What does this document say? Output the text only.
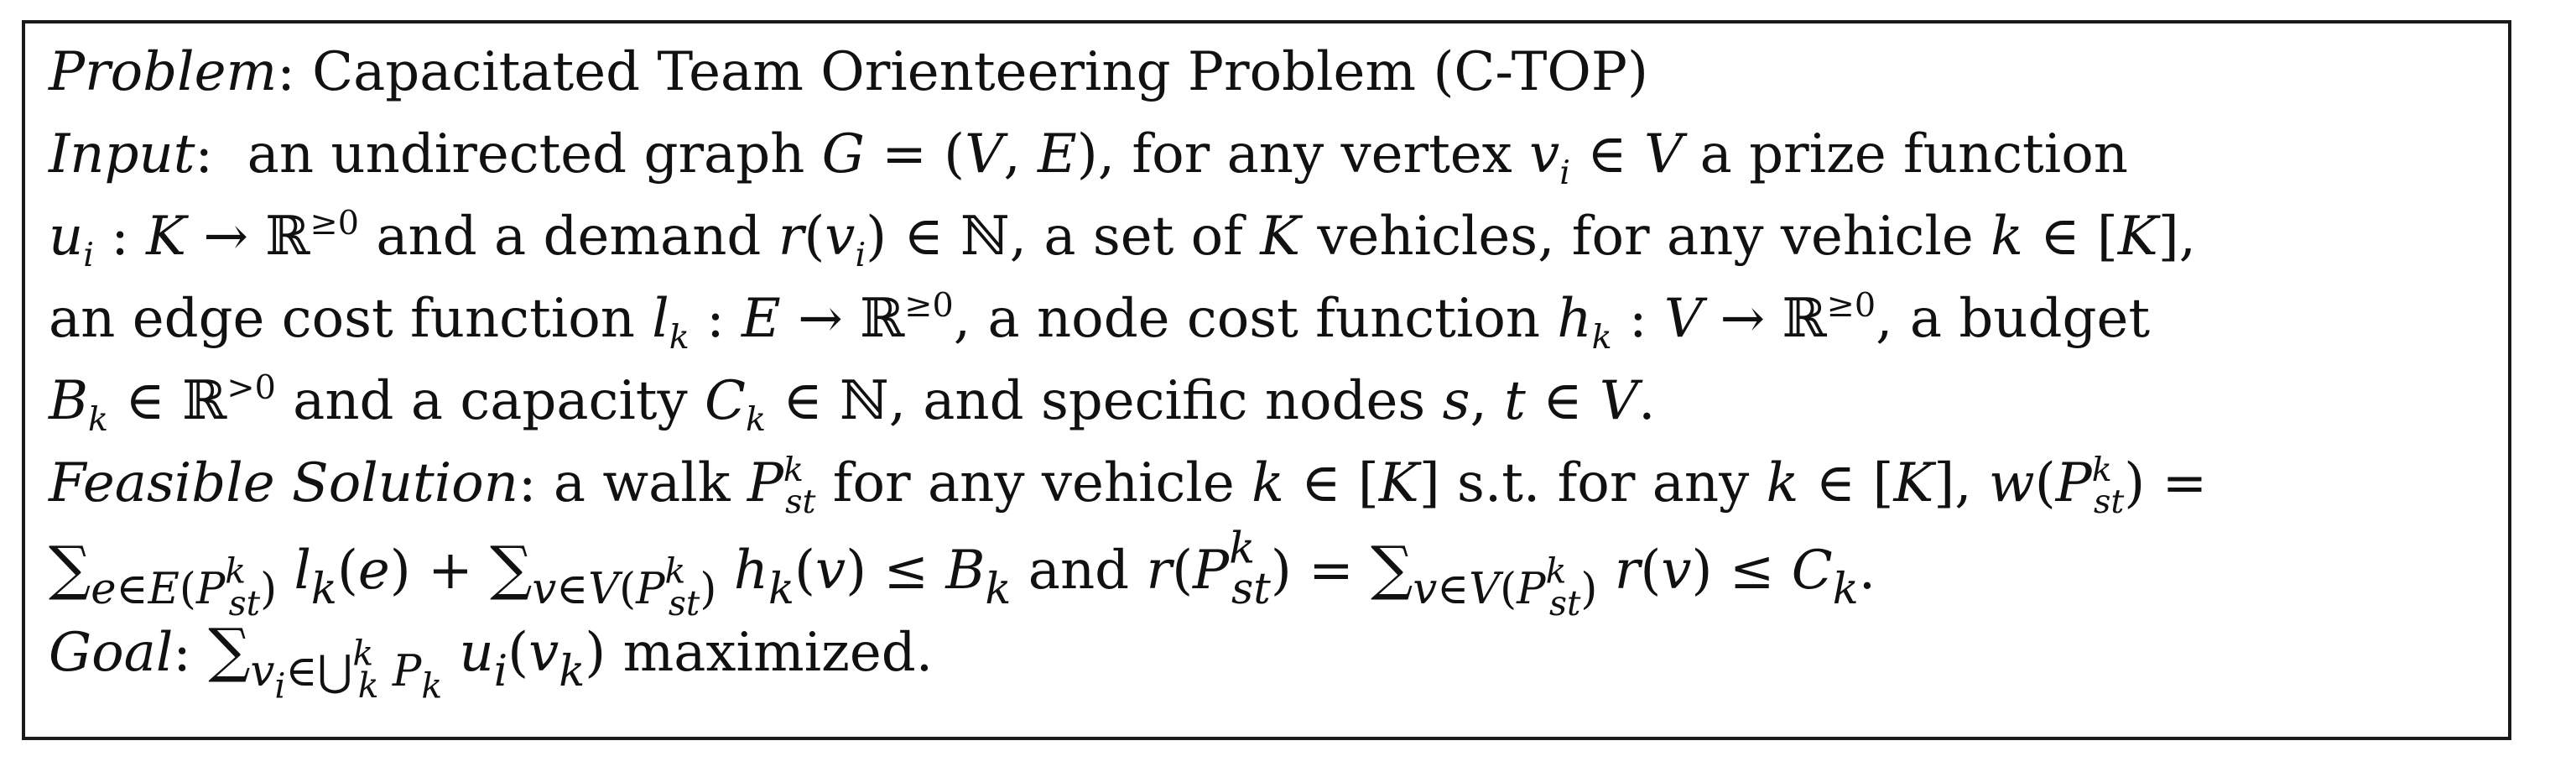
Problem: Capacitated Team Orienteering Problem (C-TOP)
Input:  an undirected graph G = (V, E), for any vertex $v_i$ ∈ V a prize function
$u_i$ : K → ℝ$^{\ge 0}$ and a demand $r(v_i)$ ∈ ℕ, a set of K vehicles, for any vehicle k ∈ [K],
an edge cost function $l_k$ : E → ℝ$^{\ge 0}$, a node cost function $h_k$ : V → ℝ$^{\ge 0}$, a budget
$B_k$ ∈ ℝ$^{>0}$ and a capacity $C_k$ ∈ ℕ, and specific nodes s, t ∈ V.
Feasible Solution: a walk $P^k_{st}$ for any vehicle k ∈ [K] s.t. for any k ∈ [K], $w(P^k_{st})$ =
$\sum_{e\in E(P^k_{st})}$ $l_k(e) + \sum_{v\in V(P^k_{st})}$ $h_k(v) \le B_k$ and $r(P^k_{st}) = \sum_{v\in V(P^k_{st})}$ $r(v) \le C_k$.
Goal: $\sum_{v_i\in⋃^k_k P_k}$ $u_i(v_k)$ maximized.
